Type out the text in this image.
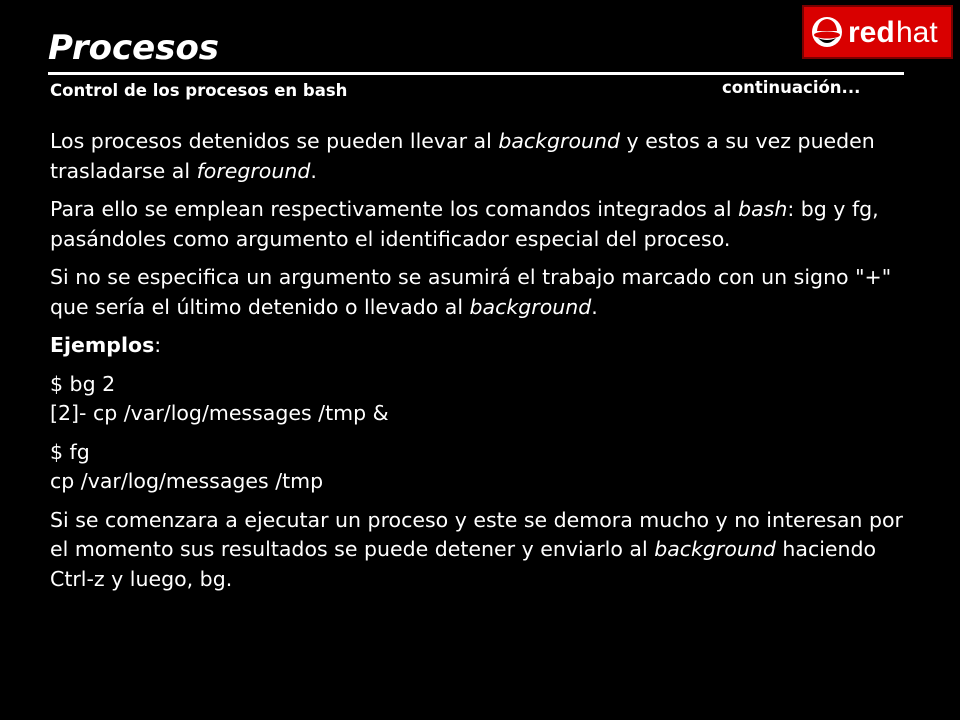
Procesos
Control de los procesos en bash	continuación...
red hat

Los procesos detenidos se pueden llevar al background y estos a su vez pueden trasladarse al foreground.

Para ello se emplean respectivamente los comandos integrados al bash: bg y fg, pasándoles como argumento el identificador especial del proceso.

Si no se especifica un argumento se asumirá el trabajo marcado con un signo "+" que sería el último detenido o llevado al background.

Ejemplos:

$ bg 2
[2]- cp /var/log/messages /tmp &

$ fg
cp /var/log/messages /tmp

Si se comenzara a ejecutar un proceso y este se demora mucho y no interesan por el momento sus resultados se puede detener y enviarlo al background haciendo Ctrl-z y luego, bg.
